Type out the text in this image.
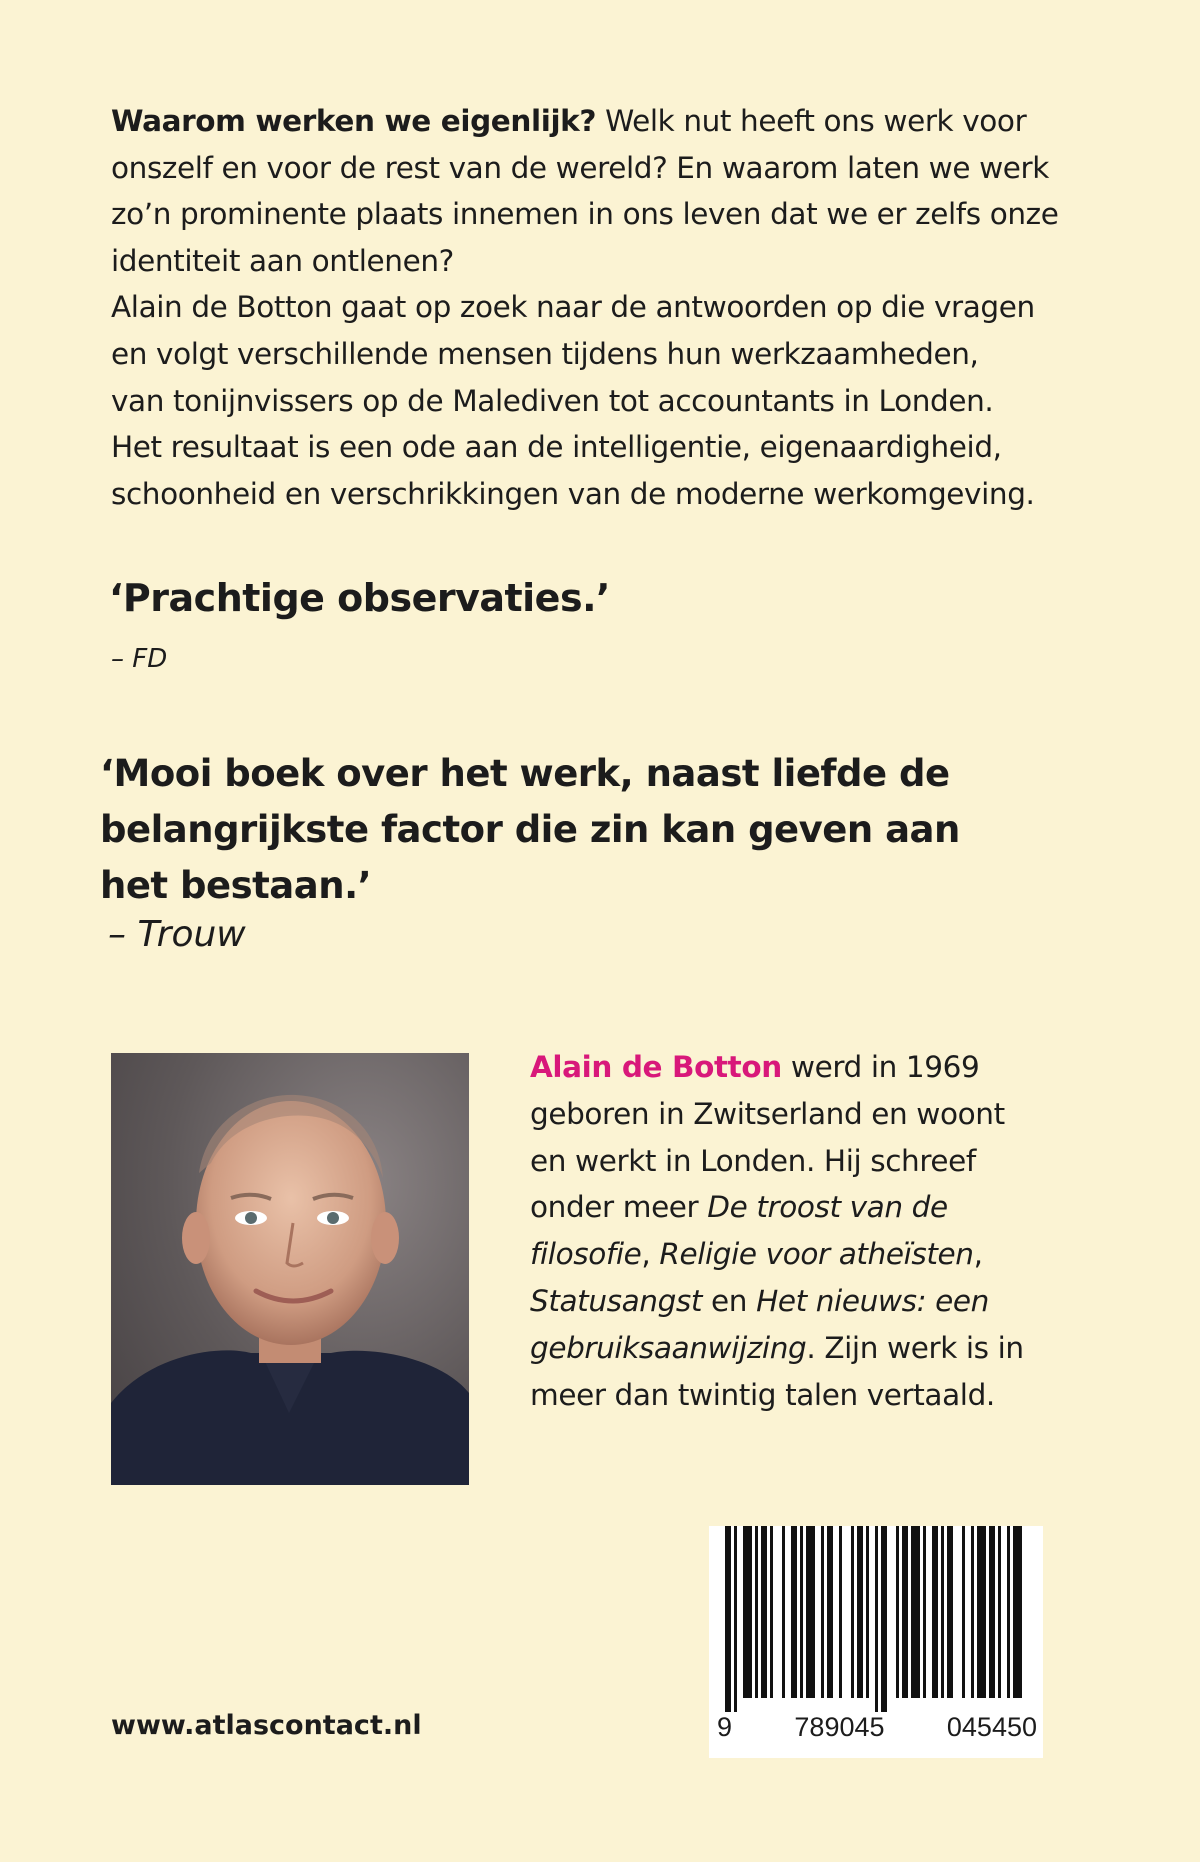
Waarom werken we eigenlijk? Welk nut heeft ons werk voor
onszelf en voor de rest van de wereld? En waarom laten we werk
zo’n prominente plaats innemen in ons leven dat we er zelfs onze
identiteit aan ontlenen?
Alain de Botton gaat op zoek naar de antwoorden op die vragen
en volgt verschillende mensen tijdens hun werkzaamheden,
van tonijnvissers op de Malediven tot accountants in Londen.
Het resultaat is een ode aan de intelligentie, eigenaardigheid,
schoonheid en verschrikkingen van de moderne werkomgeving.

‘Prachtige observaties.’

– FD

‘Mooi boek over het werk, naast liefde de
belangrijkste factor die zin kan geven aan
het bestaan.’

– Trouw

Alain de Botton werd in 1969
geboren in Zwitserland en woont
en werkt in Londen. Hij schreef
onder meer De troost van de
filosofie, Religie voor atheïsten,
Statusangst en Het nieuws: een
gebruiksaanwijzing. Zijn werk is in
meer dan twintig talen vertaald.

www.atlascontact.nl	9 789045 045450
